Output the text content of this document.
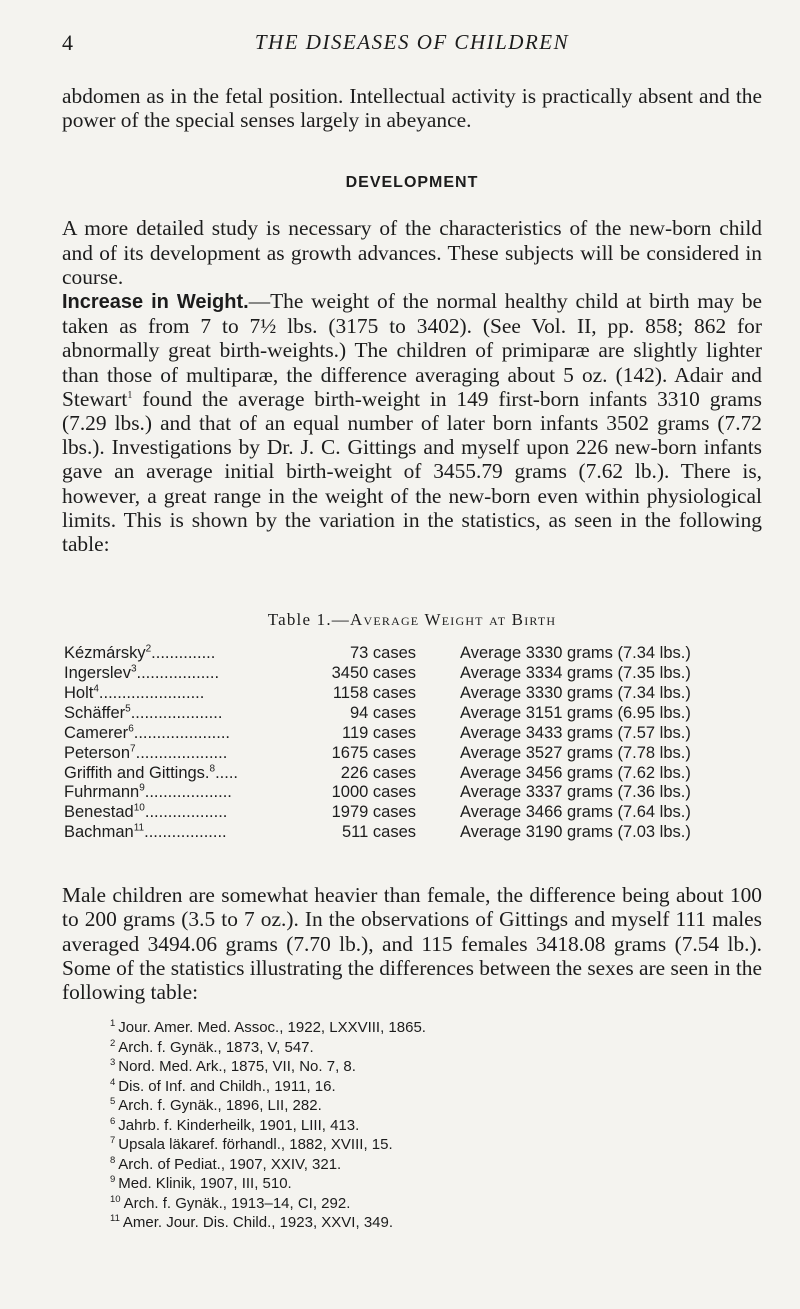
4	THE DISEASES OF CHILDREN

abdomen as in the fetal position. Intellectual activity is practically absent and the power of the special senses largely in abeyance.

DEVELOPMENT

A more detailed study is necessary of the characteristics of the new-born child and of its development as growth advances. These subjects will be considered in course.

Increase in Weight.—The weight of the normal healthy child at birth may be taken as from 7 to 7½ lbs. (3175 to 3402). (See Vol. II, pp. 858; 862 for abnormally great birth-weights.) The children of primiparæ are slightly lighter than those of multiparæ, the difference averaging about 5 oz. (142). Adair and Stewart$^1$ found the average birth-weight in 149 first-born infants 3310 grams (7.29 lbs.) and that of an equal number of later born infants 3502 grams (7.72 lbs.). Investigations by Dr. J. C. Gittings and myself upon 226 new-born infants gave an average initial birth-weight of 3455.79 grams (7.62 lb.). There is, however, a great range in the weight of the new-born even within physiological limits. This is shown by the variation in the statistics, as seen in the following table:

Table 1.—Average Weight at Birth
Kézmársky$^2$..............	73 cases	Average 3330 grams (7.34 lbs.)
Ingerslev$^3$..................	3450 cases	Average 3334 grams (7.35 lbs.)
Holt$^4$.......................	1158 cases	Average 3330 grams (7.34 lbs.)
Schäffer$^5$....................	94 cases	Average 3151 grams (6.95 lbs.)
Camerer$^6$.....................	119 cases	Average 3433 grams (7.57 lbs.)
Peterson$^7$....................	1675 cases	Average 3527 grams (7.78 lbs.)
Griffith and Gittings.$^8$.....	226 cases	Average 3456 grams (7.62 lbs.)
Fuhrmann$^9$...................	1000 cases	Average 3337 grams (7.36 lbs.)
Benestad$^{10}$..................	1979 cases	Average 3466 grams (7.64 lbs.)
Bachman$^{11}$..................	511 cases	Average 3190 grams (7.03 lbs.)

Male children are somewhat heavier than female, the difference being about 100 to 200 grams (3.5 to 7 oz.). In the observations of Gittings and myself 111 males averaged 3494.06 grams (7.70 lb.), and 115 females 3418.08 grams (7.54 lb.). Some of the statistics illustrating the differences between the sexes are seen in the following table:

$^1$ Jour. Amer. Med. Assoc., 1922, LXXVIII, 1865.
$^2$ Arch. f. Gynäk., 1873, V, 547.
$^3$ Nord. Med. Ark., 1875, VII, No. 7, 8.
$^4$ Dis. of Inf. and Childh., 1911, 16.
$^5$ Arch. f. Gynäk., 1896, LII, 282.
$^6$ Jahrb. f. Kinderheilk, 1901, LIII, 413.
$^7$ Upsala läkaref. förhandl., 1882, XVIII, 15.
$^8$ Arch. of Pediat., 1907, XXIV, 321.
$^9$ Med. Klinik, 1907, III, 510.
$^{10}$ Arch. f. Gynäk., 1913–14, CI, 292.
$^{11}$ Amer. Jour. Dis. Child., 1923, XXVI, 349.
